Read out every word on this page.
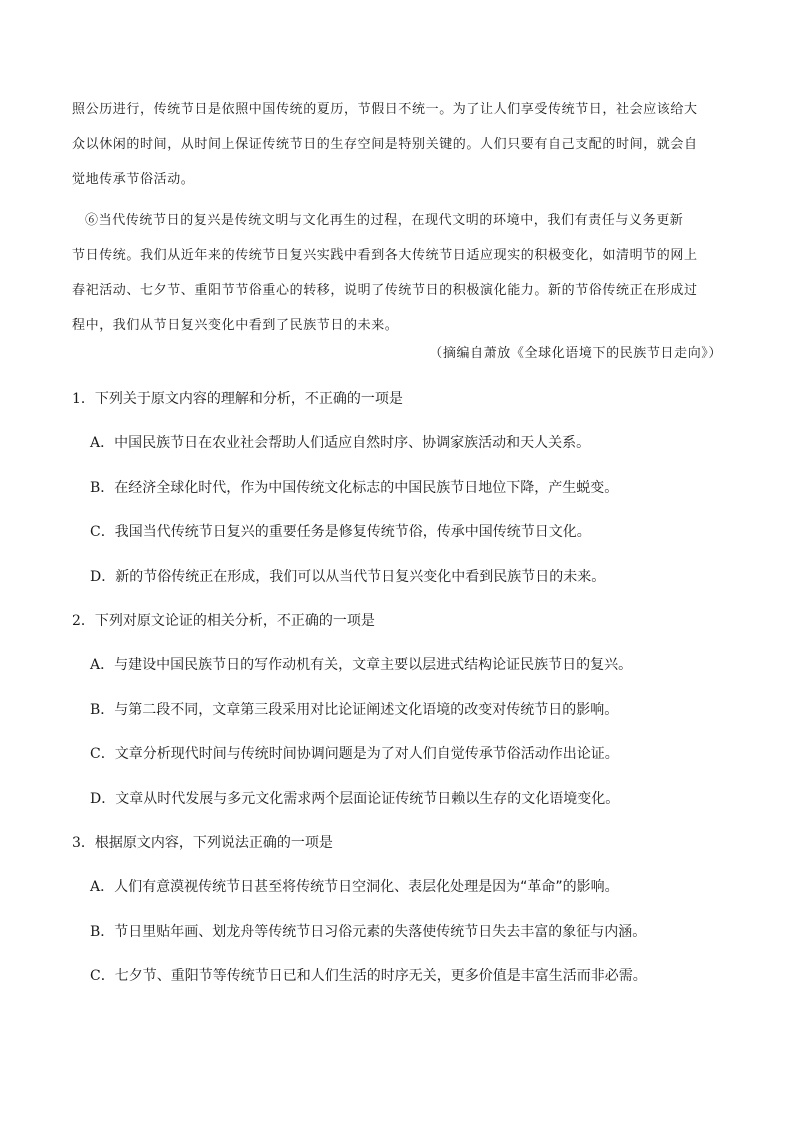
照公历进行，传统节日是依照中国传统的夏历，节假日不统一。为了让人们享受传统节日，社会应该给大

众以休闲的时间，从时间上保证传统节日的生存空间是特别关键的。人们只要有自己支配的时间，就会自

觉地传承节俗活动。

⑥当代传统节日的复兴是传统文明与文化再生的过程，在现代文明的环境中，我们有责任与义务更新

节日传统。我们从近年来的传统节日复兴实践中看到各大传统节日适应现实的积极变化，如清明节的网上

春祀活动、七夕节、重阳节节俗重心的转移，说明了传统节日的积极演化能力。新的节俗传统正在形成过

程中，我们从节日复兴变化中看到了民族节日的未来。

（摘编自萧放《全球化语境下的民族节日走向》）
1．下列关于原文内容的理解和分析，不正确的一项是
A．中国民族节日在农业社会帮助人们适应自然时序、协调家族活动和天人关系。
B．在经济全球化时代，作为中国传统文化标志的中国民族节日地位下降，产生蜕变。
C．我国当代传统节日复兴的重要任务是修复传统节俗，传承中国传统节日文化。
D．新的节俗传统正在形成，我们可以从当代节日复兴变化中看到民族节日的未来。
2．下列对原文论证的相关分析，不正确的一项是
A．与建设中国民族节日的写作动机有关，文章主要以层进式结构论证民族节日的复兴。
B．与第二段不同，文章第三段采用对比论证阐述文化语境的改变对传统节日的影响。
C．文章分析现代时间与传统时间协调问题是为了对人们自觉传承节俗活动作出论证。
D．文章从时代发展与多元文化需求两个层面论证传统节日赖以生存的文化语境变化。
3．根据原文内容，下列说法正确的一项是
A．人们有意漠视传统节日甚至将传统节日空洞化、表层化处理是因为“革命”的影响。
B．节日里贴年画、划龙舟等传统节日习俗元素的失落使传统节日失去丰富的象征与内涵。
C．七夕节、重阳节等传统节日已和人们生活的时序无关，更多价值是丰富生活而非必需。
